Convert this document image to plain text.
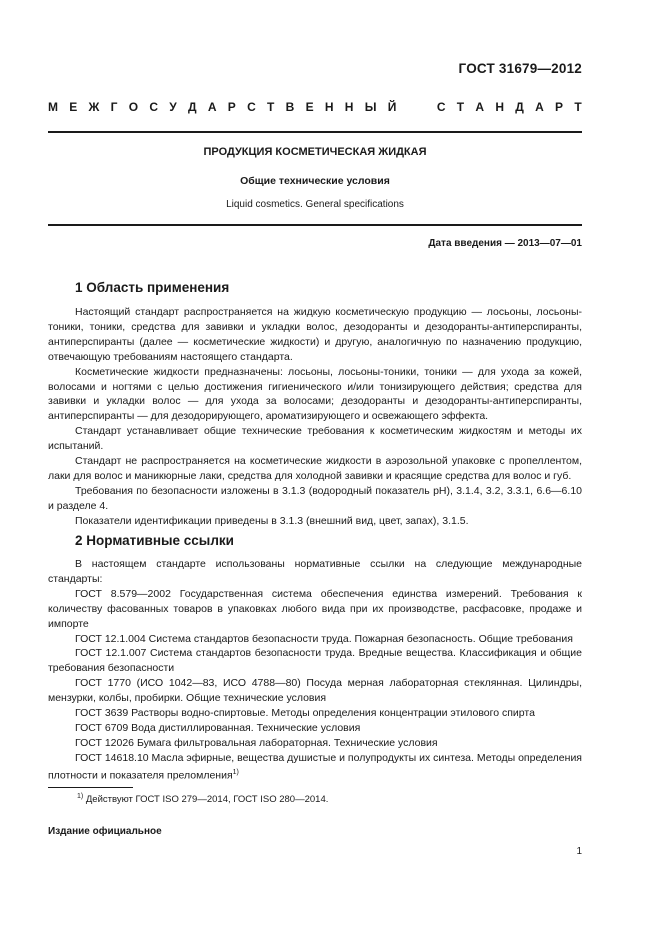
ГОСТ 31679—2012
М Е Ж Г О С У Д А Р С Т В Е Н Н Ы Й

	С Т А Н Д А Р Т
ПРОДУКЦИЯ КОСМЕТИЧЕСКАЯ ЖИДКАЯ
Общие технические условия
Liquid cosmetics. General specifications
Дата введения — 2013—07—01
1 Область применения

Настоящий стандарт распространяется на жидкую косметическую продукцию — лосьоны, лосьоны-тоники, тоники, средства для завивки и укладки волос, дезодоранты и дезодоранты-антиперспиранты, антиперспиранты (далее — косметические жидкости) и другую, аналогичную по назначению продукцию, отвечающую требованиям настоящего стандарта.

Косметические жидкости предназначены: лосьоны, лосьоны-тоники, тоники — для ухода за кожей, волосами и ногтями с целью достижения гигиенического и/или тонизирующего действия; средства для завивки и укладки волос — для ухода за волосами; дезодоранты и дезодоранты-антиперспиранты, антиперспиранты — для дезодорирующего, ароматизирующего и освежающего эффекта.

Стандарт устанавливает общие технические требования к косметическим жидкостям и методы их испытаний.

Стандарт не распространяется на косметические жидкости в аэрозольной упаковке с пропеллентом, лаки для волос и маникюрные лаки, средства для холодной завивки и красящие средства для волос и губ.

Требования по безопасности изложены в 3.1.3 (водородный показатель pH), 3.1.4, 3.2, 3.3.1, 6.6—6.10 и разделе 4.

Показатели идентификации приведены в 3.1.3 (внешний вид, цвет, запах), 3.1.5.

2 Нормативные ссылки

В настоящем стандарте использованы нормативные ссылки на следующие международные стандарты:

ГОСТ 8.579—2002 Государственная система обеспечения единства измерений. Требования к количеству фасованных товаров в упаковках любого вида при их производстве, расфасовке, продаже и импорте

ГОСТ 12.1.004 Система стандартов безопасности труда. Пожарная безопасность. Общие требования

ГОСТ 12.1.007 Система стандартов безопасности труда. Вредные вещества. Классификация и общие требования безопасности

ГОСТ 1770 (ИСО 1042—83, ИСО 4788—80) Посуда мерная лабораторная стеклянная. Цилиндры, мензурки, колбы, пробирки. Общие технические условия

ГОСТ 3639 Растворы водно-спиртовые. Методы определения концентрации этилового спирта

ГОСТ 6709 Вода дистиллированная. Технические условия

ГОСТ 12026 Бумага фильтровальная лабораторная. Технические условия

ГОСТ 14618.10 Масла эфирные, вещества душистые и полупродукты их синтеза. Методы определения плотности и показателя преломления$^{1)}$

$^{1)}$ Действуют ГОСТ ISO 279—2014, ГОСТ ISO 280—2014.
Издание официальное
1
